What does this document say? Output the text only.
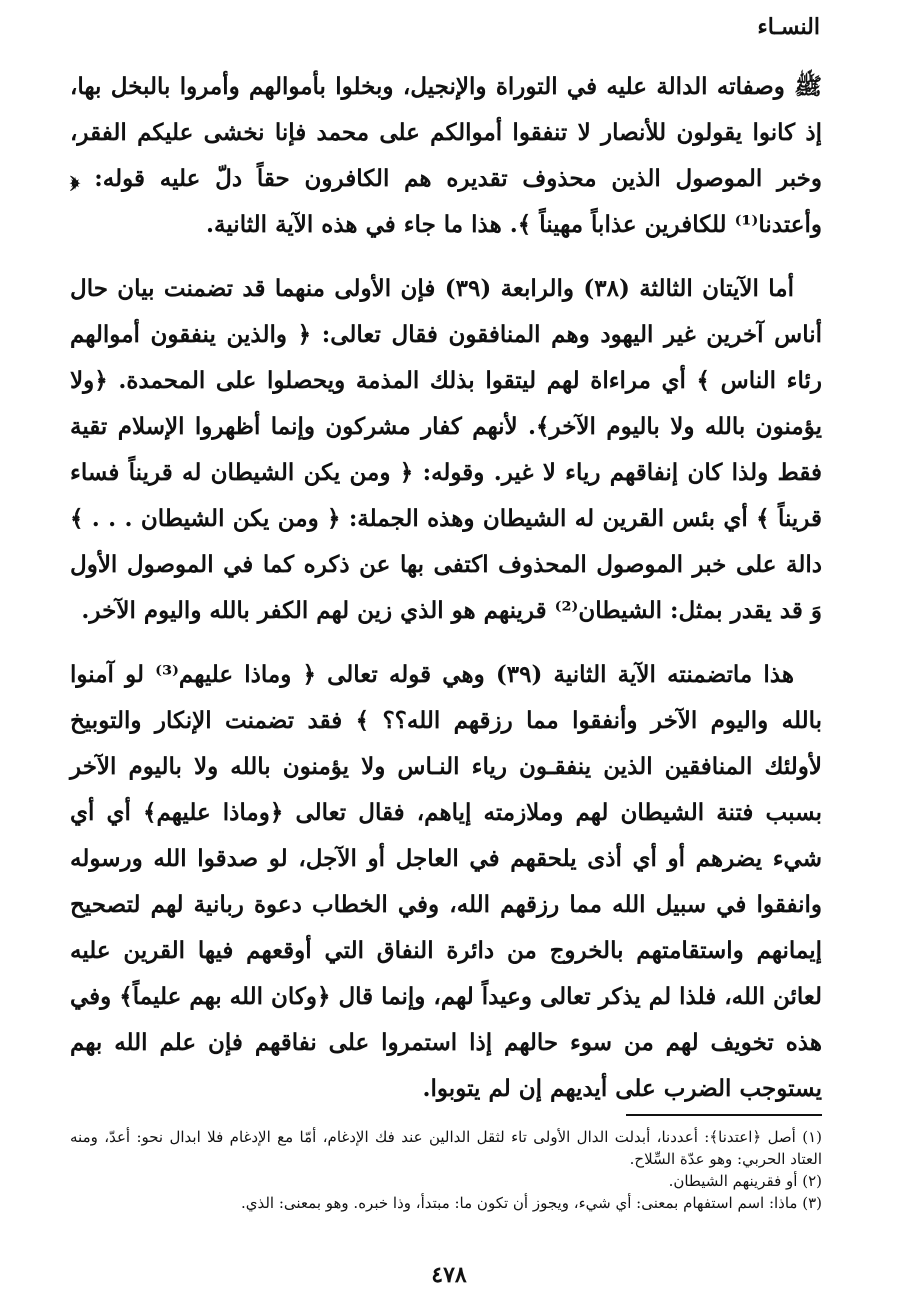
النسـاء

ﷺ وصفاته الدالة عليه في التوراة والإنجيل، وبخلوا بأموالهم وأمروا بالبخل بها، إذ كانوا يقولون للأنصار لا تنفقوا أموالكم على محمد فإنا نخشى عليكم الفقر، وخبر الموصول الذين محذوف تقديره هم الكافرون حقاً دلّ عليه قوله: ﴿ وأعتدنا⁽¹⁾ للكافرين عذاباً مهيناً ﴾. هذا ما جاء في هذه الآية الثانية.

أما الآيتان الثالثة (٣٨) والرابعة (٣٩) فإن الأولى منهما قد تضمنت بيان حال أناس آخرين غير اليهود وهم المنافقون فقال تعالى: ﴿ والذين ينفقون أموالهم رئاء الناس ﴾ أي مراءاة لهم ليتقوا بذلك المذمة ويحصلوا على المحمدة. ﴿ولا يؤمنون بالله ولا باليوم الآخر﴾. لأنهم كفار مشركون وإنما أظهروا الإسلام تقية فقط ولذا كان إنفاقهم رياء لا غير. وقوله: ﴿ ومن يكن الشيطان له قريناً فساء قريناً ﴾ أي بئس القرين له الشيطان وهذه الجملة: ﴿ ومن يكن الشيطان . . . ﴾ دالة على خبر الموصول المحذوف اكتفى بها عن ذكره كما في الموصول الأول وَ قد يقدر بمثل: الشيطان⁽²⁾ قرينهم هو الذي زين لهم الكفر بالله واليوم الآخر.

هذا ماتضمنته الآية الثانية (٣٩) وهي قوله تعالى ﴿ وماذا عليهم⁽³⁾ لو آمنوا بالله واليوم الآخر وأنفقوا مما رزقهم الله؟؟ ﴾ فقد تضمنت الإنكار والتوبيخ لأولئك المنافقين الذين ينفقـون رياء النـاس ولا يؤمنون بالله ولا باليوم الآخر بسبب فتنة الشيطان لهم وملازمته إياهم، فقال تعالى ﴿وماذا عليهم﴾ أي أي شيء يضرهم أو أي أذى يلحقهم في العاجل أو الآجل، لو صدقوا الله ورسوله وانفقوا في سبيل الله مما رزقهم الله، وفي الخطاب دعوة ربانية لهم لتصحيح إيمانهم واستقامتهم بالخروج من دائرة النفاق التي أوقعهم فيها القرين عليه لعائن الله، فلذا لم يذكر تعالى وعيداً لهم، وإنما قال ﴿وكان الله بهم عليماً﴾ وفي هذه تخويف لهم من سوء حالهم إذا استمروا على نفاقهم فإن علم الله بهم يستوجب الضرب على أيديهم إن لم يتوبوا.

(١) أصل ﴿اعتدنا﴾: أعددنا، أبدلت الدال الأولى تاء لثقل الدالين عند فك الإدغام، أمّا مع الإدغام فلا ابدال نحو: أعدّ، ومنه العتاد الحربي: وهو عدّة السِّلاح.

(٢) أو فقرينهم الشيطان.

(٣) ماذا: اسم استفهام بمعنى: أي شيء، ويجوز أن تكون ما: مبتدأ، وذا خبره. وهو بمعنى: الذي.

٤٧٨
